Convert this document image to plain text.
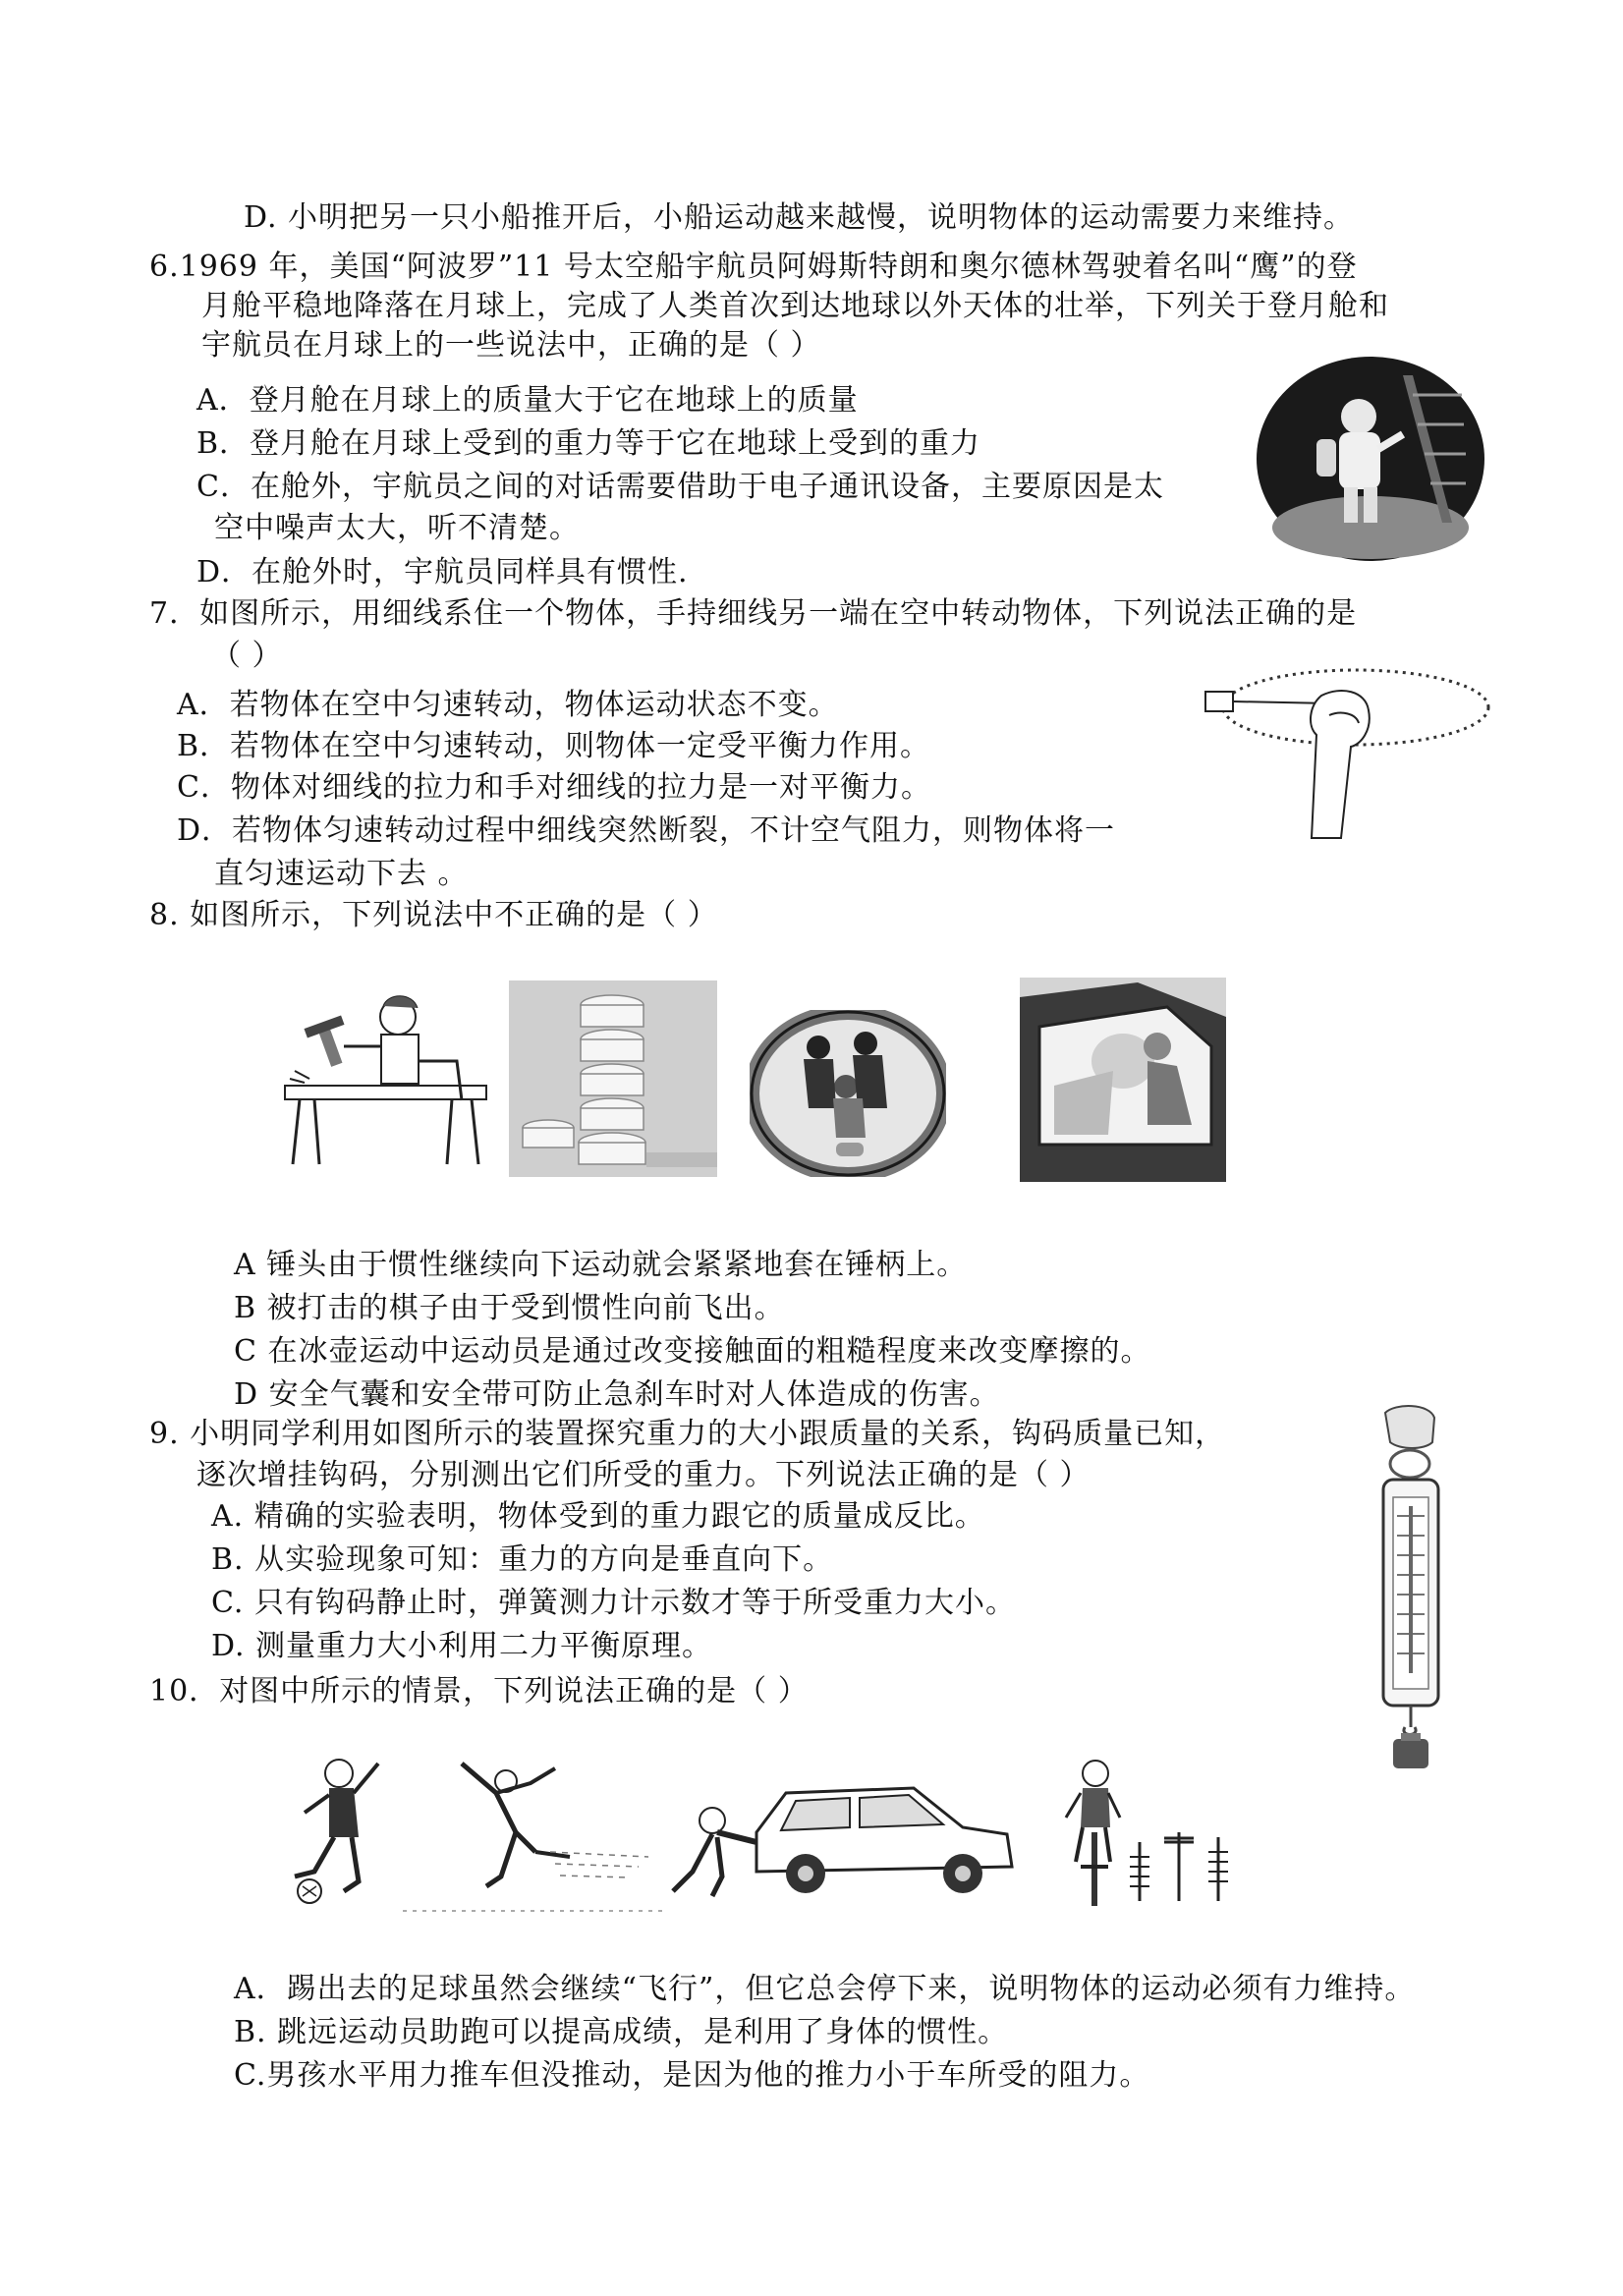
D. 小明把另一只小船推开后，小船运动越来越慢，说明物体的运动需要力来维持。
6.1969 年，美国“阿波罗”11 号太空船宇航员阿姆斯特朗和奥尔德林驾驶着名叫“鹰”的登
月舱平稳地降落在月球上，完成了人类首次到达地球以外天体的壮举，下列关于登月舱和
宇航员在月球上的一些说法中，正确的是（ ）
A．登月舱在月球上的质量大于它在地球上的质量
B．登月舱在月球上受到的重力等于它在地球上受到的重力
C．在舱外，宇航员之间的对话需要借助于电子通讯设备，主要原因是太
空中噪声太大，听不清楚。
D．在舱外时，宇航员同样具有惯性.
7．如图所示，用细线系住一个物体，手持细线另一端在空中转动物体，下列说法正确的是
（ ）
A．若物体在空中匀速转动，物体运动状态不变。
B．若物体在空中匀速转动，则物体一定受平衡力作用。
C．物体对细线的拉力和手对细线的拉力是一对平衡力。
D．若物体匀速转动过程中细线突然断裂，不计空气阻力，则物体将一
直匀速运动下去 。
8. 如图所示，下列说法中不正确的是（ ）
A 锤头由于惯性继续向下运动就会紧紧地套在锤柄上。
B 被打击的棋子由于受到惯性向前飞出。
C 在冰壶运动中运动员是通过改变接触面的粗糙程度来改变摩擦的。
D 安全气囊和安全带可防止急刹车时对人体造成的伤害。
9. 小明同学利用如图所示的装置探究重力的大小跟质量的关系，钩码质量已知，
逐次增挂钩码，分别测出它们所受的重力。下列说法正确的是（ ）
A. 精确的实验表明，物体受到的重力跟它的质量成反比。
B. 从实验现象可知：重力的方向是垂直向下。
C. 只有钩码静止时，弹簧测力计示数才等于所受重力大小。
D. 测量重力大小利用二力平衡原理。
10．对图中所示的情景，下列说法正确的是（ ）
A．踢出去的足球虽然会继续“飞行”，但它总会停下来，说明物体的运动必须有力维持。
B. 跳远运动员助跑可以提高成绩，是利用了身体的惯性。
C.男孩水平用力推车但没推动，是因为他的推力小于车所受的阻力。
